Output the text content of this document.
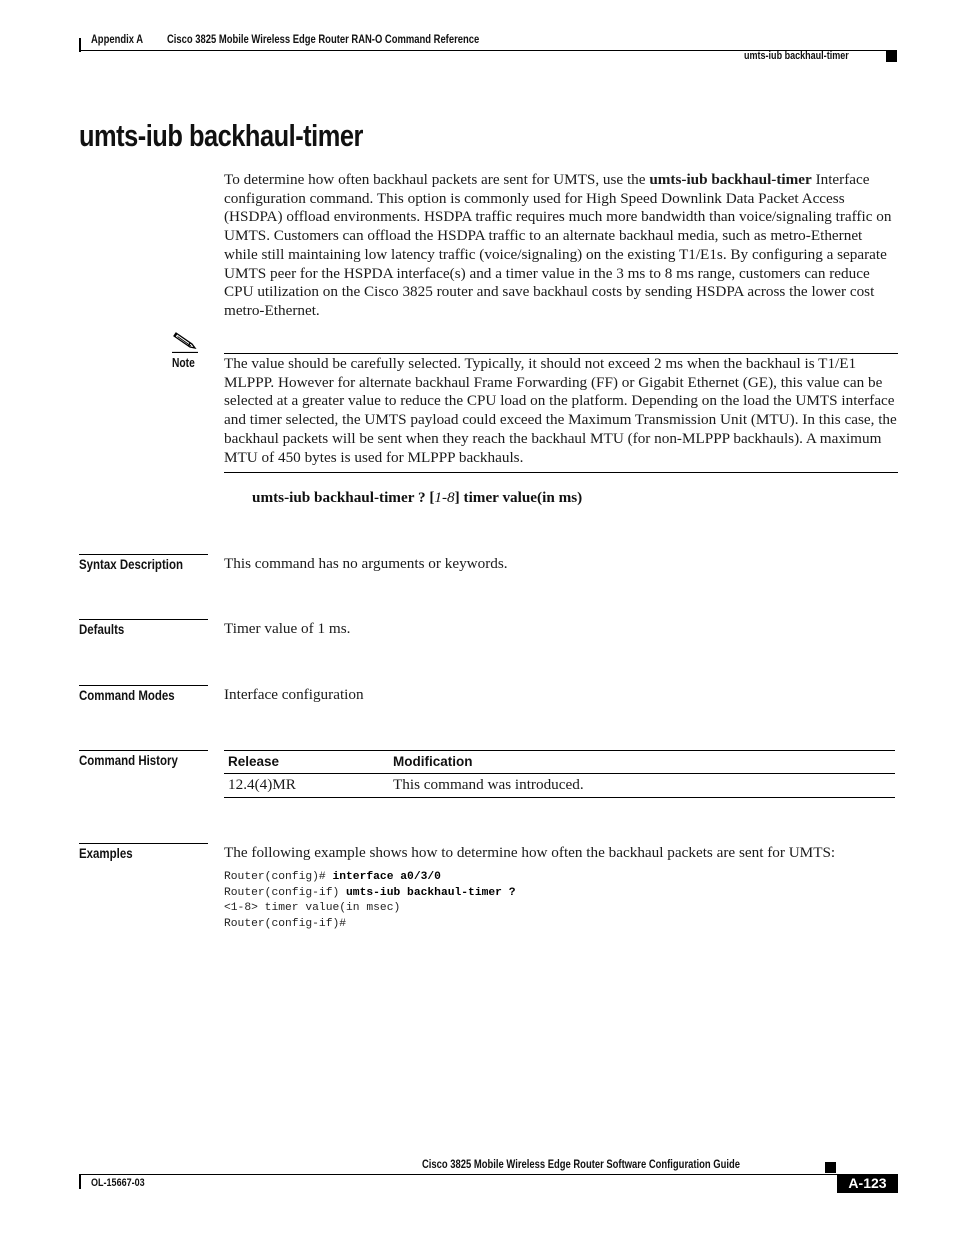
Appendix A Cisco 3825 Mobile Wireless Edge Router RAN-O Command Reference
umts-iub backhaul-timer
umts-iub backhaul-timer

To determine how often backhaul packets are sent for UMTS, use the umts-iub backhaul-timer Interface configuration command. This option is commonly used for High Speed Downlink Data Packet Access (HSDPA) offload environments. HSDPA traffic requires much more bandwidth than voice/signaling traffic on UMTS. Customers can offload the HSDPA traffic to an alternate backhaul media, such as metro-Ethernet while still maintaining low latency traffic (voice/signaling) on the existing T1/E1s. By configuring a separate UMTS peer for the HSPDA interface(s) and a timer value in the 3 ms to 8 ms range, customers can reduce CPU utilization on the Cisco 3825 router and save backhaul costs by sending HSDPA across the lower cost metro-Ethernet.

Note The value should be carefully selected. Typically, it should not exceed 2 ms when the backhaul is T1/E1 MLPPP. However for alternate backhaul Frame Forwarding (FF) or Gigabit Ethernet (GE), this value can be selected at a greater value to reduce the CPU load on the platform. Depending on the load the UMTS interface and timer selected, the UMTS payload could exceed the Maximum Transmission Unit (MTU). In this case, the backhaul packets will be sent when they reach the backhaul MTU (for non-MLPPP backhauls). A maximum MTU of 450 bytes is used for MLPPP backhauls.

umts-iub backhaul-timer ? [1-8] timer value(in ms)
Syntax Description	This command has no arguments or keywords.
Defaults	Timer value of 1 ms.
Command Modes	Interface configuration
Command History	Release	Modification
12.4(4)MR	This command was introduced.
Examples	The following example shows how to determine how often the backhaul packets are sent for UMTS:
Router(config)# interface a0/3/0
Router(config-if) umts-iub backhaul-timer ?
<1-8> timer value(in msec)
Router(config-if)#
Cisco 3825 Mobile Wireless Edge Router Software Configuration Guide
OL-15667-03	A-123
